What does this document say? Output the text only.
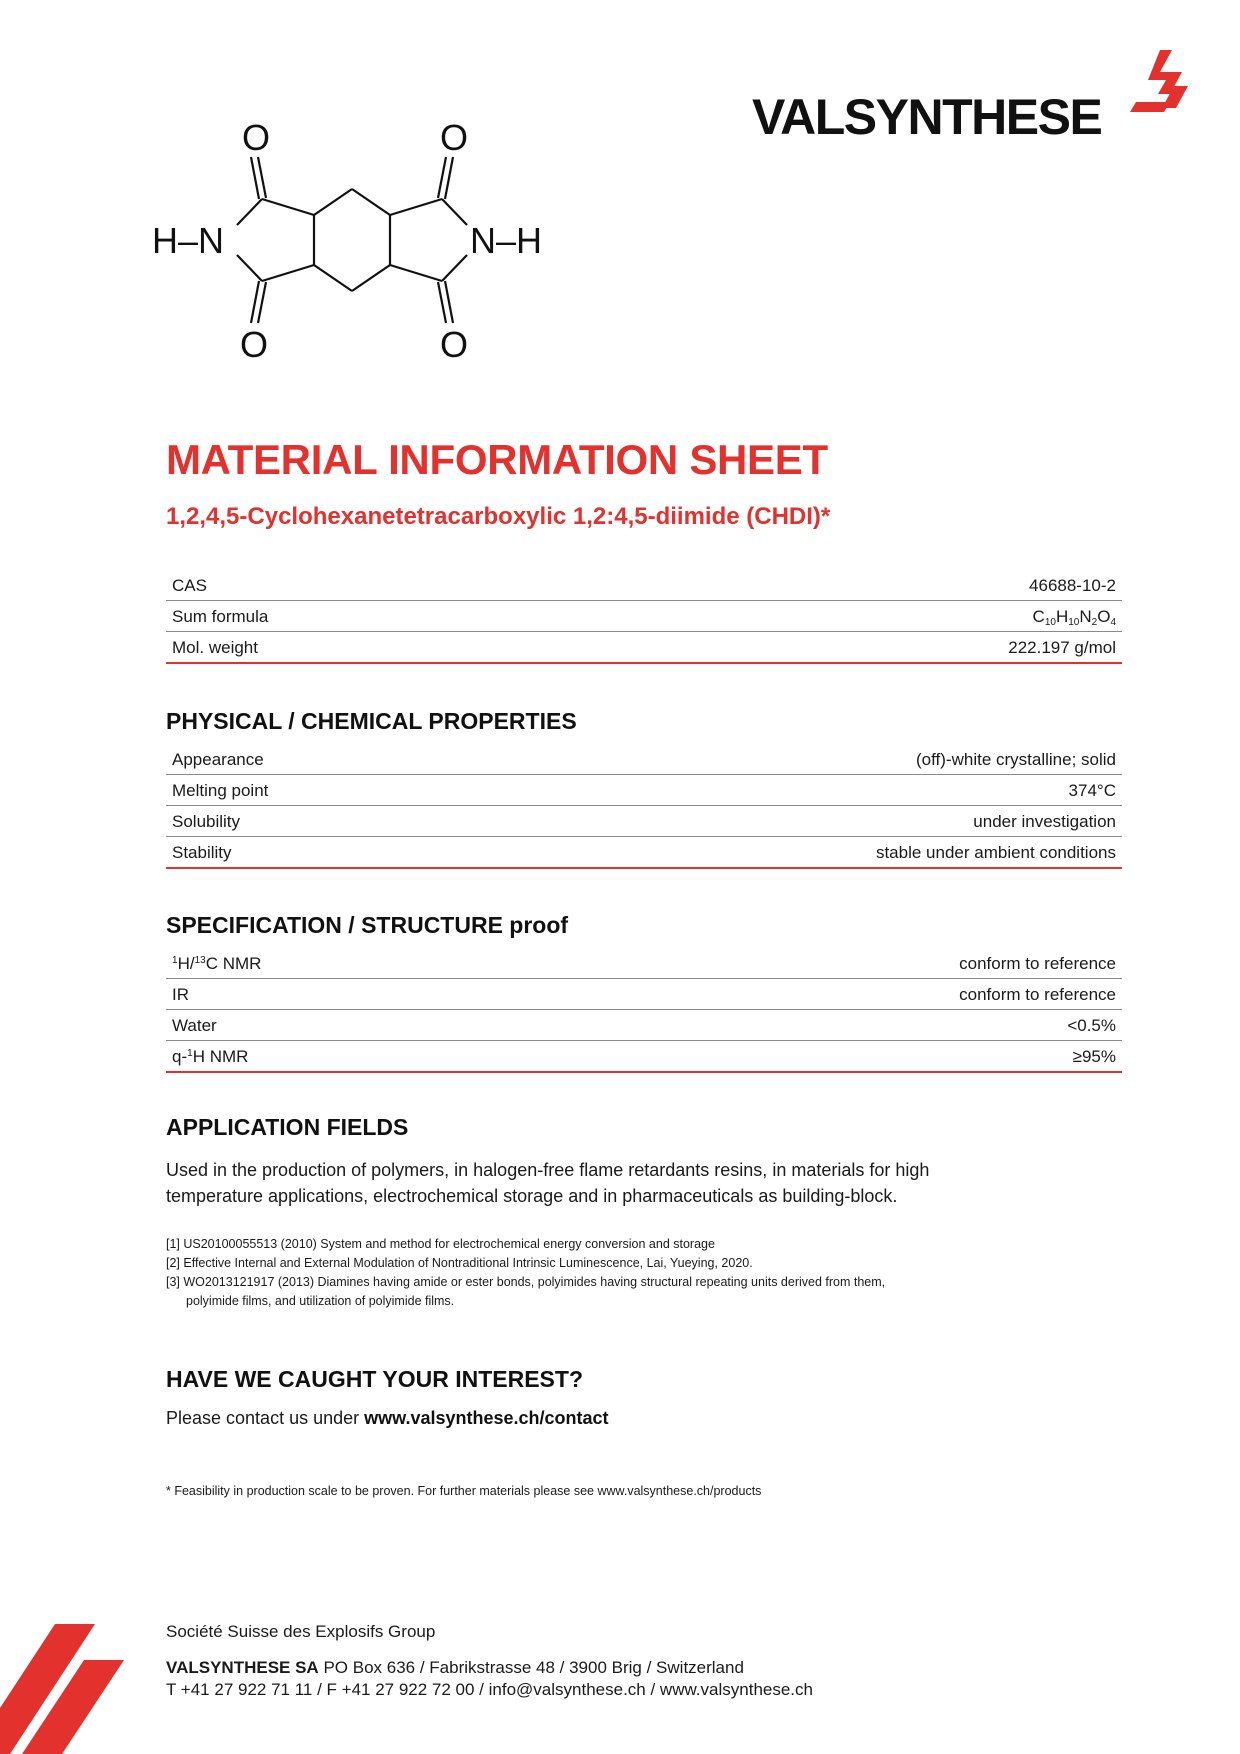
VALSYNTHESE
O	O
O	O
H–N	N–H
MATERIAL INFORMATION SHEET
1,2,4,5-Cyclohexanetetracarboxylic 1,2:4,5-diimide (CHDI)*
CAS	46688-10-2
Sum formula	$C_{10}H_{10}N_2O_4$
Mol. weight	222.197 g/mol
PHYSICAL / CHEMICAL PROPERTIES
Appearance	(off)-white crystalline; solid
Melting point	374°C
Solubility	under investigation
Stability	stable under ambient conditions
SPECIFICATION / STRUCTURE proof
$^1$H/$^{13}$C NMR	conform to reference
IR	conform to reference
Water	<0.5%
q-$^1$H NMR	≥95%
APPLICATION FIELDS
Used in the production of polymers, in halogen-free flame retardants resins, in materials for high
temperature applications, electrochemical storage and in pharmaceuticals as building-block.
[1] US20100055513 (2010) System and method for electrochemical energy conversion and storage
[2] Effective Internal and External Modulation of Nontraditional Intrinsic Luminescence, Lai, Yueying, 2020.
[3] WO2013121917 (2013) Diamines having amide or ester bonds, polyimides having structural repeating units derived from them,
polyimide films, and utilization of polyimide films.
HAVE WE CAUGHT YOUR INTEREST?
Please contact us under www.valsynthese.ch/contact
* Feasibility in production scale to be proven. For further materials please see www.valsynthese.ch/products
Société Suisse des Explosifs Group
VALSYNTHESE SA PO Box 636 / Fabrikstrasse 48 / 3900 Brig / Switzerland
T +41 27 922 71 11 / F +41 27 922 72 00 / info@valsynthese.ch / www.valsynthese.ch
